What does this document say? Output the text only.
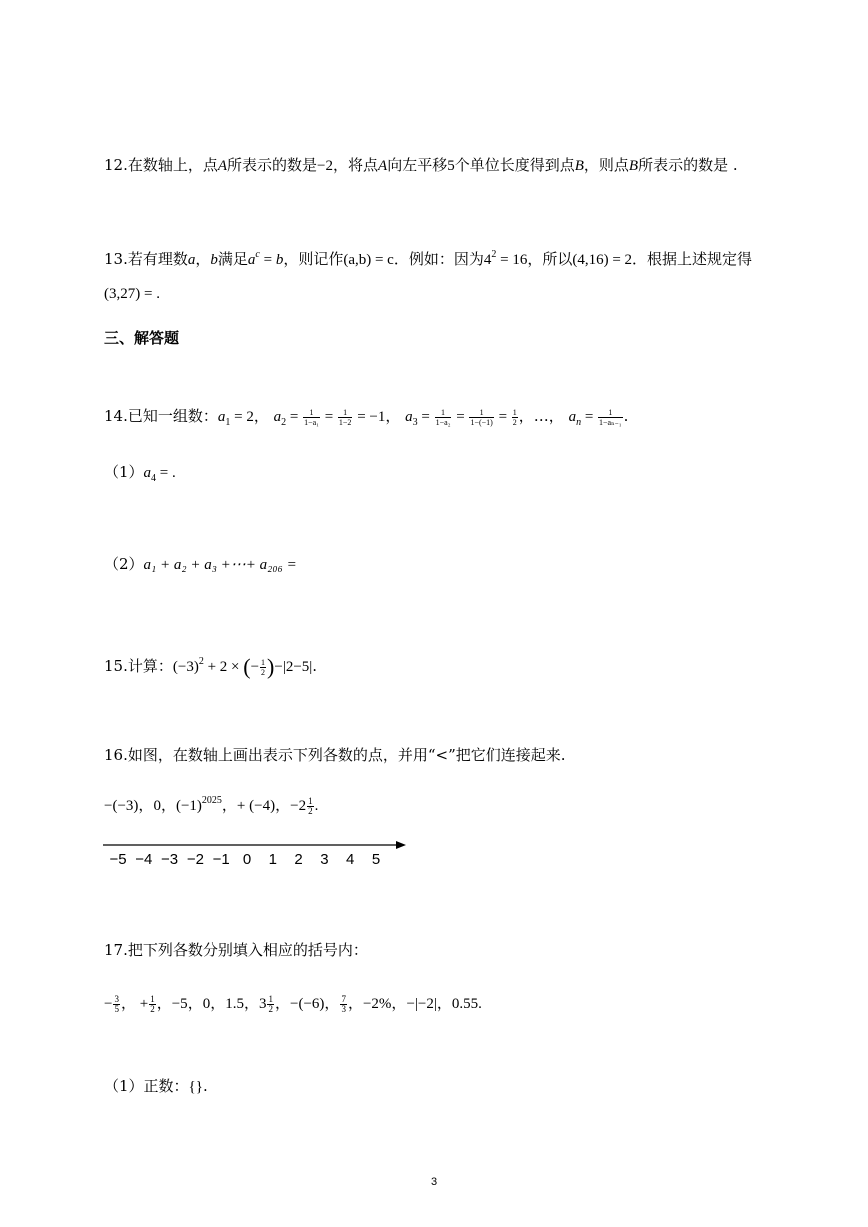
12.在数轴上，点A所表示的数是−2，将点A向左平移5个单位长度得到点B，则点B所表示的数是 .
13.若有理数a，b满足$a^c = b$，则记作(a,b) = c．例如：因为$4^2 = 16$，所以(4,16) = 2．根据上述规定得
(3,27) = .
三、解答题
14.已知一组数：$a_1 = 2$， $a_2 = \frac{1}{\text{1−a₁}} = \frac{1}{1-2} = -1$， $a_3 = \frac{1}{\text{1−a₂}} = \frac{1}{1-(-1)} = \frac{1}{2}$ ，…， $a_n = \frac{1}{\text{1−aₙ₋₁}}$ .
$(1)a_4$ = .
（2）a₁ + a₂ + a₃ +⋯+ a₂₀₆ =
15.计算：$(-3)^2 + 2$ × (− $\frac{1}{2} )-|2-5|$.
16.如图，在数轴上画出表示下列各数的点，并用“<”把它们连接起来.
−(−3)，0，$(-1)^{2025}$，+ (−4)，$-2 \frac{1}{2}$ .
−5 −4 −3 −2 −1 0 1 2 3 4 5
17.把下列各数分别填入相应的括号内：
− $\frac{3}{5}$ ， + $\frac{1}{2}$ ，−5，0，1.5，$3 \frac{1}{2}$ ，−(−6)， $\frac{7}{3}$ ，−2%，−|−2|，0.55.
（1）正数：{}.
3
